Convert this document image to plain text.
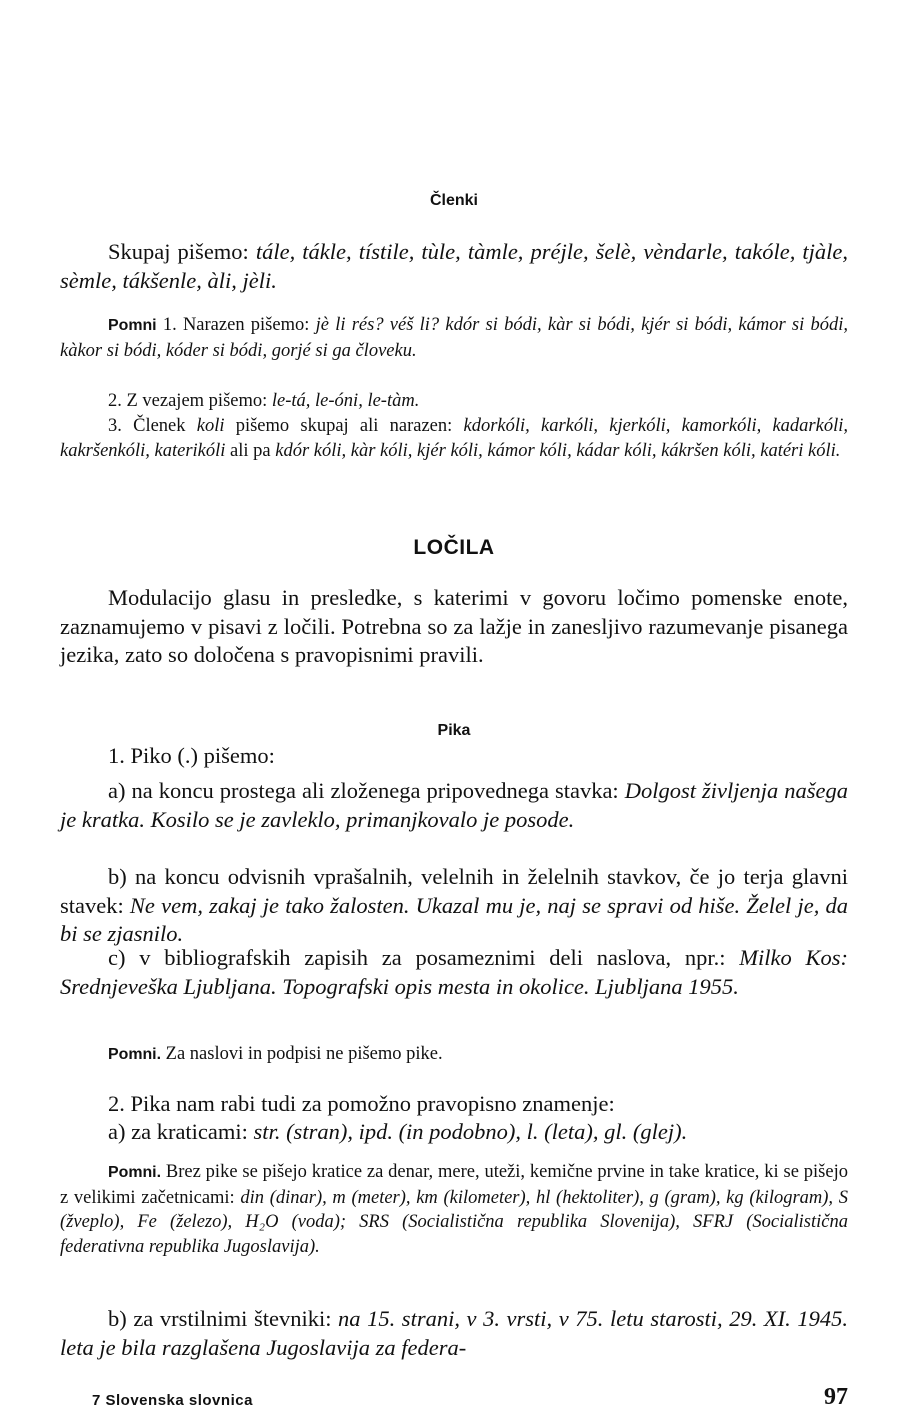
Členki

Skupaj pišemo: tále, tákle, tístile, tùle, tàmle, préjle, šelè, vèndarle, takóle, tjàle, sèmle, tákšenle, àli, jèli.

Pomni 1. Narazen pišemo: jè li rés? véš li? kdór si bódi, kàr si bódi, kjér si bódi, kámor si bódi, kàkor si bódi, kóder si bódi, gorjé si ga človeku.

2. Z vezajem pišemo: le-tá, le-óni, le-tàm.

3. Členek koli pišemo skupaj ali narazen: kdorkóli, karkóli, kjerkóli, kamorkóli, kadarkóli, kakršenkóli, katerikóli ali pa kdór kóli, kàr kóli, kjér kóli, kámor kóli, kádar kóli, kákršen kóli, katéri kóli.

LOČILA

Modulacijo glasu in presledke, s katerimi v govoru ločimo pomenske enote, zaznamujemo v pisavi z ločili. Potrebna so za lažje in zanesljivo razumevanje pisanega jezika, zato so določena s pravopisnimi pravili.

Pika

1. Piko (.) pišemo:

a) na koncu prostega ali zloženega pripovednega stavka: Dolgost življenja našega je kratka. Kosilo se je zavleklo, primanjkovalo je posode.

b) na koncu odvisnih vprašalnih, velelnih in želelnih stavkov, če jo terja glavni stavek: Ne vem, zakaj je tako žalosten. Ukazal mu je, naj se spravi od hiše. Želel je, da bi se zjasnilo.

c) v bibliografskih zapisih za posameznimi deli naslova, npr.: Milko Kos: Srednjeveška Ljubljana. Topografski opis mesta in okolice. Ljubljana 1955.

Pomni. Za naslovi in podpisi ne pišemo pike.

2. Pika nam rabi tudi za pomožno pravopisno znamenje:

a) za kraticami: str. (stran), ipd. (in podobno), l. (leta), gl. (glej).

Pomni. Brez pike se pišejo kratice za denar, mere, uteži, kemične prvine in take kratice, ki se pišejo z velikimi začetnicami: din (dinar), m (meter), km (kilometer), hl (hektoliter), g (gram), kg (kilogram), S (žveplo), Fe (železo), H₂O (voda); SRS (Socialistična republika Slovenija), SFRJ (Socialistična federativna republika Jugoslavija).

b) za vrstilnimi števniki: na 15. strani, v 3. vrsti, v 75. letu starosti, 29. XI. 1945. leta je bila razglašena Jugoslavija za federa-

7 Slovenska slovnica	97
